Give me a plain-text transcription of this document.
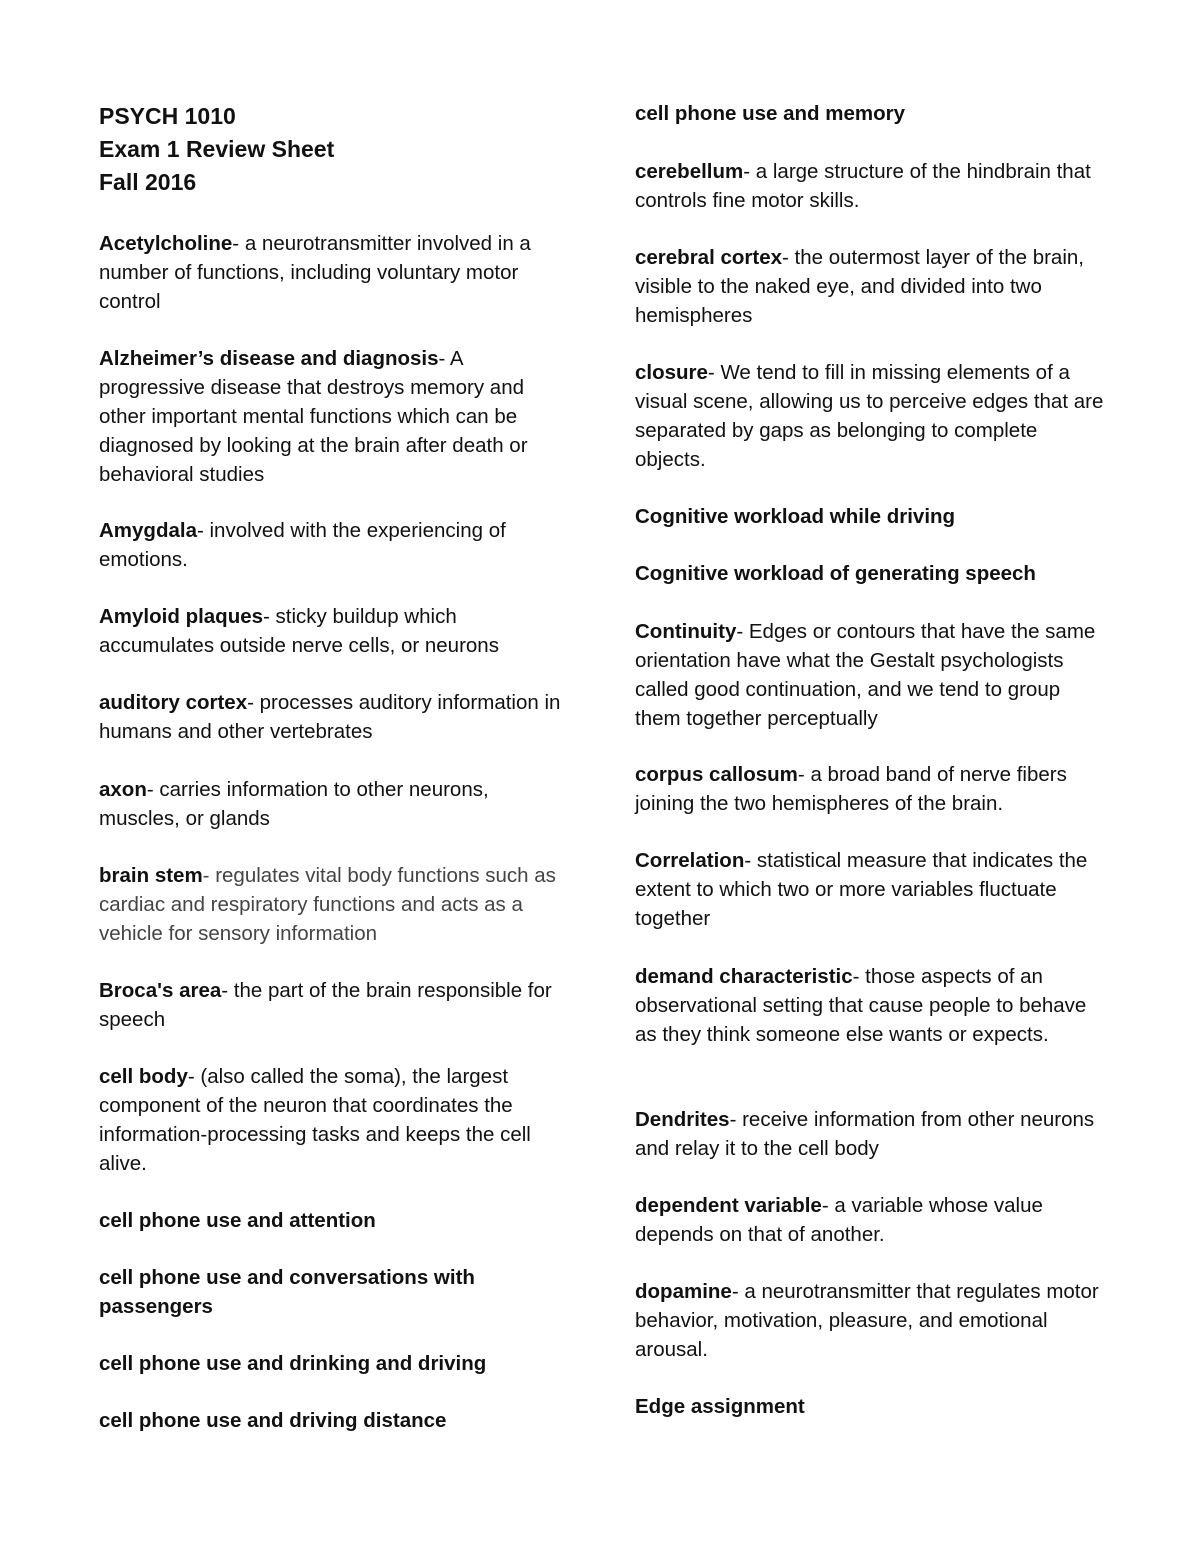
PSYCH 1010
Exam 1 Review Sheet
Fall 2016
Acetylcholine- a neurotransmitter involved in a number of functions, including voluntary motor control
Alzheimer’s disease and diagnosis- A progressive disease that destroys memory and other important mental functions which can be diagnosed by looking at the brain after death or behavioral studies
Amygdala- involved with the experiencing of emotions.
Amyloid plaques- sticky buildup which accumulates outside nerve cells, or neurons
auditory cortex- processes auditory information in humans and other vertebrates
axon- carries information to other neurons, muscles, or glands
brain stem- regulates vital body functions such as cardiac and respiratory functions and acts as a vehicle for sensory information
Broca's area- the part of the brain responsible for speech
cell body- (also called the soma), the largest component of the neuron that coordinates the information-processing tasks and keeps the cell alive.
cell phone use and attention
cell phone use and conversations with passengers
cell phone use and drinking and driving
cell phone use and driving distance
cell phone use and memory
cerebellum- a large structure of the hindbrain that controls fine motor skills.
cerebral cortex- the outermost layer of the brain, visible to the naked eye, and divided into two hemispheres
closure- We tend to fill in missing elements of a visual scene, allowing us to perceive edges that are separated by gaps as belonging to complete objects.
Cognitive workload while driving
Cognitive workload of generating speech
Continuity- Edges or contours that have the same orientation have what the Gestalt psychologists called good continuation, and we tend to group them together perceptually
corpus callosum- a broad band of nerve fibers joining the two hemispheres of the brain.
Correlation- statistical measure that indicates the extent to which two or more variables fluctuate together
demand characteristic- those aspects of an observational setting that cause people to behave as they think someone else wants or expects.
Dendrites- receive information from other neurons and relay it to the cell body
dependent variable- a variable whose value depends on that of another.
dopamine- a neurotransmitter that regulates motor behavior, motivation, pleasure, and emotional arousal.
Edge assignment
